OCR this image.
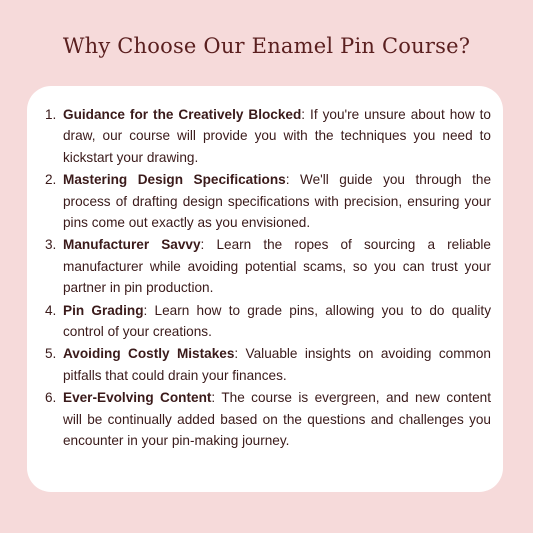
Why Choose Our Enamel Pin Course?
1. Guidance for the Creatively Blocked: If you're unsure about how to draw, our course will provide you with the techniques you need to kickstart your drawing.
2. Mastering Design Specifications: We'll guide you through the process of drafting design specifications with precision, ensuring your pins come out exactly as you envisioned.
3. Manufacturer Savvy: Learn the ropes of sourcing a reliable manufacturer while avoiding potential scams, so you can trust your partner in pin production.
4. Pin Grading: Learn how to grade pins, allowing you to do quality control of your creations.
5. Avoiding Costly Mistakes: Valuable insights on avoiding common pitfalls that could drain your finances.
6. Ever-Evolving Content: The course is evergreen, and new content will be continually added based on the questions and challenges you encounter in your pin-making journey.
